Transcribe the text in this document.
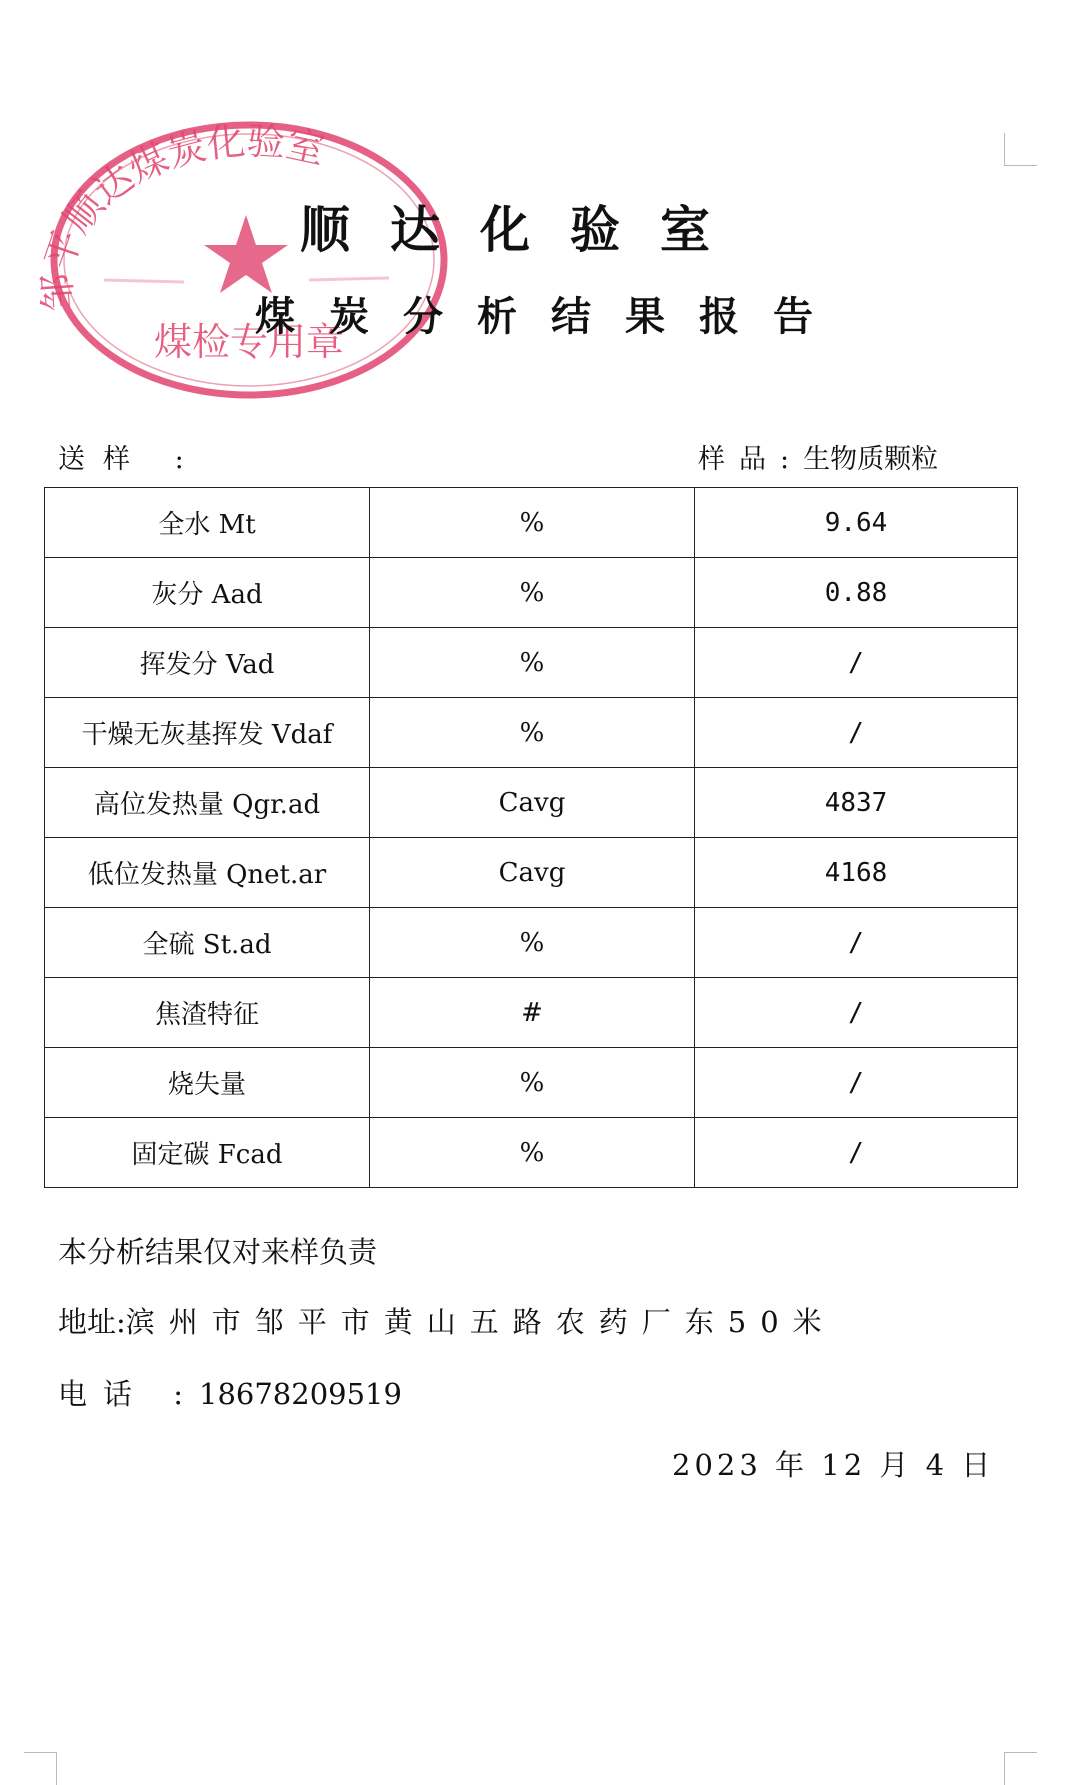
邹平顺达煤炭化验室
煤检专用章
顺达化验室
煤炭分析结果报告
送样 :	样品:生物质颗粒
全水 Mt	%	9.64
灰分 Aad	%	0.88
挥发分 Vad	%	/
干燥无灰基挥发 Vdaf	%	/
高位发热量 Qgr.ad	Cavg	4837
低位发热量 Qnet.ar	Cavg	4168
全硫 St.ad	%	/
焦渣特征	#	/
烧失量	%	/
固定碳 Fcad	%	/
本分析结果仅对来样负责
地址:滨州市邹平市黄山五路农药厂东50米
电话 :18678209519
2023 年 12 月 4 日
